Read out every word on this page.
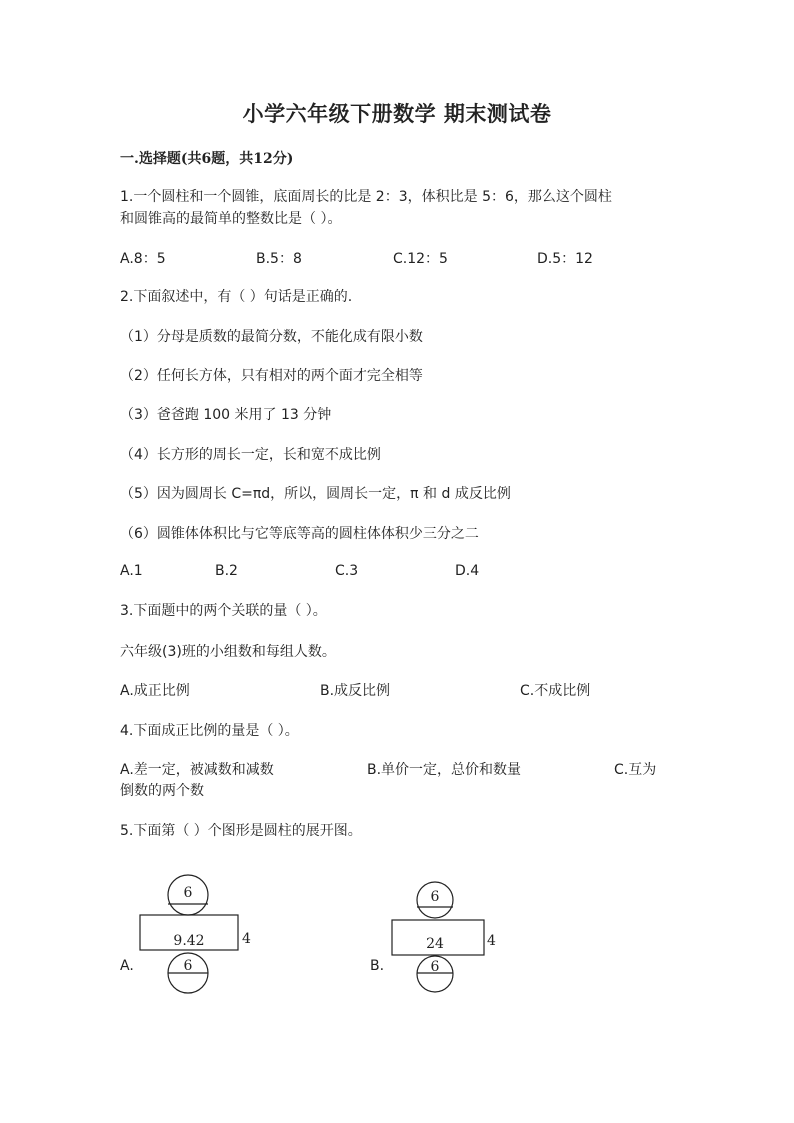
小学六年级下册数学 期末测试卷
一.选择题(共6题，共12分)
1.一个圆柱和一个圆锥，底面周长的比是 2：3，体积比是 5：6，那么这个圆柱
和圆锥高的最简单的整数比是（ ）。
A.8：5	B.5：8	C.12：5	D.5：12
2.下面叙述中，有（ ）句话是正确的.
（1）分母是质数的最简分数，不能化成有限小数
（2）任何长方体，只有相对的两个面才完全相等
（3）爸爸跑 100 米用了 13 分钟
（4）长方形的周长一定，长和宽不成比例
（5）因为圆周长 C=πd，所以，圆周长一定，π 和 d 成反比例
（6）圆锥体体积比与它等底等高的圆柱体体积少三分之二
A.1	B.2	C.3	D.4
3.下面题中的两个关联的量（ ）。
六年级(3)班的小组数和每组人数。
A.成正比例	B.成反比例	C.不成比例
4.下面成正比例的量是（ ）。
A.差一定，被减数和减数	B.单价一定，总价和数量	C.互为
倒数的两个数
5.下面第（ ）个图形是圆柱的展开图。
A.
6
9.42	4
6	B.
6
24	4
6
